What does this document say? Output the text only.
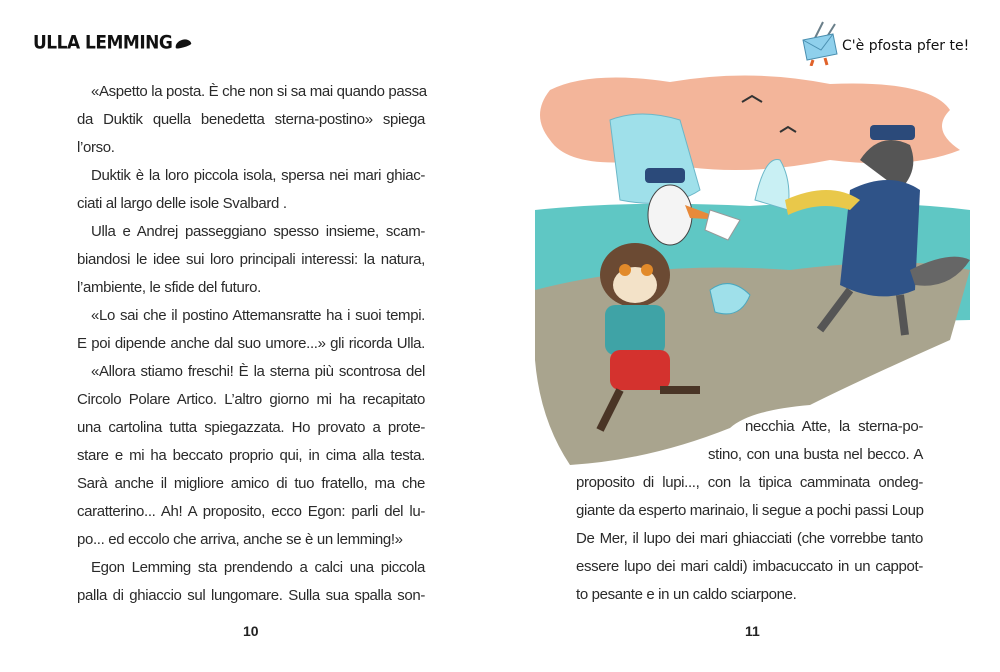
ULLA LEMMING	C'è pfosta pfer te!
«Aspetto la posta. È che non si sa mai quando passa
da Duktik quella benedetta sterna-postino» spiega
l’orso.
Duktik è la loro piccola isola, spersa nei mari ghiac-
ciati al largo delle isole Svalbard .
Ulla e Andrej passeggiano spesso insieme, scam-
biandosi le idee sui loro principali interessi: la natura,
l’ambiente, le sfide del futuro.
«Lo sai che il postino Attemansratte ha i suoi tempi.
E poi dipende anche dal suo umore...» gli ricorda Ulla.
«Allora stiamo freschi! È la sterna più scontrosa del
Circolo Polare Artico. L’altro giorno mi ha recapitato
una cartolina tutta spiegazzata. Ho provato a prote-
stare e mi ha beccato proprio qui, in cima alla testa.
Sarà anche il migliore amico di tuo fratello, ma che
caratterino... Ah! A proposito, ecco Egon: parli del lu-
po... ed eccolo che arriva, anche se è un lemming!»
Egon Lemming sta prendendo a calci una piccola
palla di ghiaccio sul lungomare. Sulla sua spalla son-
10
necchia Atte, la sterna-po-
stino, con una busta nel becco. A
proposito di lupi..., con la tipica camminata ondeg-
giante da esperto marinaio, li segue a pochi passi Loup
De Mer, il lupo dei mari ghiacciati (che vorrebbe tanto
essere lupo dei mari caldi) imbacuccato in un cappot-
to pesante e in un caldo sciarpone.
11
